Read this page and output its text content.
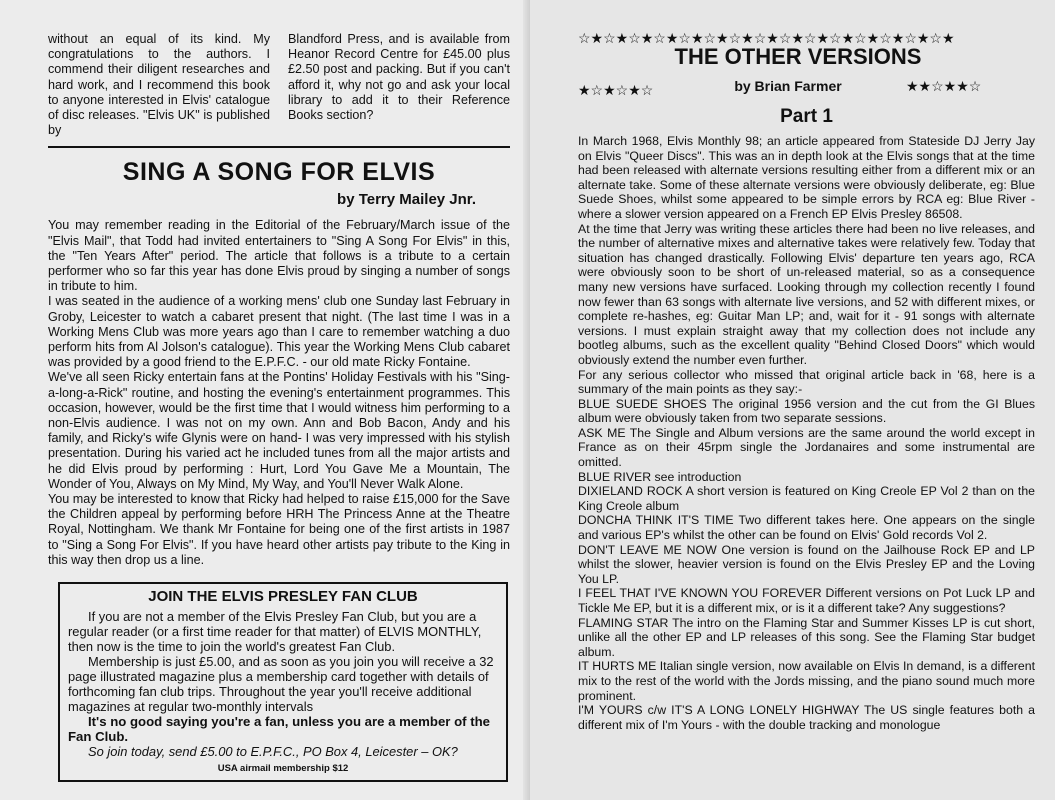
without an equal of its kind. My congratulations to the authors. I commend their diligent researches and hard work, and I recommend this book to anyone interested in Elvis' catalogue of disc releases. "Elvis UK" is published by

Blandford Press, and is available from Heanor Record Centre for £45.00 plus £2.50 post and packing. But if you can't afford it, why not go and ask your local library to add it to their Reference Books section?

SING A SONG FOR ELVIS
by Terry Mailey Jnr.

You may remember reading in the Editorial of the February/March issue of the "Elvis Mail", that Todd had invited entertainers to "Sing A Song For Elvis" in this, the "Ten Years After" period. The article that follows is a tribute to a certain performer who so far this year has done Elvis proud by singing a number of songs in tribute to him.
I was seated in the audience of a working mens' club one Sunday last February in Groby, Leicester to watch a cabaret present that night. (The last time I was in a Working Mens Club was more years ago than I care to remember watching a duo perform hits from Al Jolson's catalogue). This year the Working Mens Club cabaret was provided by a good friend to the E.P.F.C. - our old mate Ricky Fontaine.
We've all seen Ricky entertain fans at the Pontins' Holiday Festivals with his "Sing-a-long-a-Rick" routine, and hosting the evening's entertainment programmes. This occasion, however, would be the first time that I would witness him performing to a non-Elvis audience. I was not on my own. Ann and Bob Bacon, Andy and his family, and Ricky's wife Glynis were on hand- I was very impressed with his stylish presentation. During his varied act he included tunes from all the major artists and he did Elvis proud by performing : Hurt, Lord You Gave Me a Mountain, The Wonder of You, Always on My Mind, My Way, and You'll Never Walk Alone.
You may be interested to know that Ricky had helped to raise £15,000 for the Save the Children appeal by performing before HRH The Princess Anne at the Theatre Royal, Nottingham. We thank Mr Fontaine for being one of the first artists in 1987 to "Sing a Song For Elvis". If you have heard other artists pay tribute to the King in this way then drop us a line.

JOIN THE ELVIS PRESLEY FAN CLUB

If you are not a member of the Elvis Presley Fan Club, but you are a regular reader (or a first time reader for that matter) of ELVIS MONTHLY, then now is the time to join the world's greatest Fan Club.

Membership is just £5.00, and as soon as you join you will receive a 32 page illustrated magazine plus a membership card together with details of forthcoming fan club trips. Throughout the year you'll receive additional magazines at regular two-monthly intervals

It's no good saying you're a fan, unless you are a member of the Fan Club.

So join today, send £5.00 to E.P.F.C., PO Box 4, Leicester – OK?

USA airmail membership $12

☆★☆★☆★☆★☆★☆★☆★☆★☆★☆★☆★☆★☆★☆★☆★
★☆★☆★☆	★★☆★★☆
THE OTHER VERSIONS
by Brian Farmer
Part 1

In March 1968, Elvis Monthly 98; an article appeared from Stateside DJ Jerry Jay on Elvis "Queer Discs". This was an in depth look at the Elvis songs that at the time had been released with alternate versions resulting either from a different mix or an alternate take. Some of these alternate versions were obviously deliberate, eg: Blue Suede Shoes, whilst some appeared to be simple errors by RCA eg: Blue River - where a slower version appeared on a French EP Elvis Presley 86508.
At the time that Jerry was writing these articles there had been no live releases, and the number of alternative mixes and alternative takes were relatively few. Today that situation has changed drastically. Following Elvis' departure ten years ago, RCA were obviously soon to be short of un-released material, so as a consequence many new versions have surfaced. Looking through my collection recently I found now fewer than 63 songs with alternate live versions, and 52 with different mixes, or complete re-hashes, eg: Guitar Man LP; and, wait for it - 91 songs with alternate versions. I must explain straight away that my collection does not include any bootleg albums, such as the excellent quality "Behind Closed Doors" which would obviously extend the number even further.
For any serious collector who missed that original article back in '68, here is a summary of the main points as they say:-
BLUE SUEDE SHOES The original 1956 version and the cut from the GI Blues album were obviously taken from two separate sessions.
ASK ME The Single and Album versions are the same around the world except in France as on their 45rpm single the Jordanaires and some instrumental are omitted.
BLUE RIVER see introduction
DIXIELAND ROCK A short version is featured on King Creole EP Vol 2 than on the King Creole album
DONCHA THINK IT'S TIME Two different takes here. One appears on the single and various EP's whilst the other can be found on Elvis' Gold records Vol 2.
DON'T LEAVE ME NOW One version is found on the Jailhouse Rock EP and LP whilst the slower, heavier version is found on the Elvis Presley EP and the Loving You LP.
I FEEL THAT I'VE KNOWN YOU FOREVER Different versions on Pot Luck LP and Tickle Me EP, but it is a different mix, or is it a different take? Any suggestions?
FLAMING STAR The intro on the Flaming Star and Summer Kisses LP is cut short, unlike all the other EP and LP releases of this song. See the Flaming Star budget album.
IT HURTS ME Italian single version, now available on Elvis In demand, is a different mix to the rest of the world with the Jords missing, and the piano sound much more prominent.
I'M YOURS c/w IT'S A LONG LONELY HIGHWAY The US single features both a different mix of I'm Yours - with the double tracking and monologue
